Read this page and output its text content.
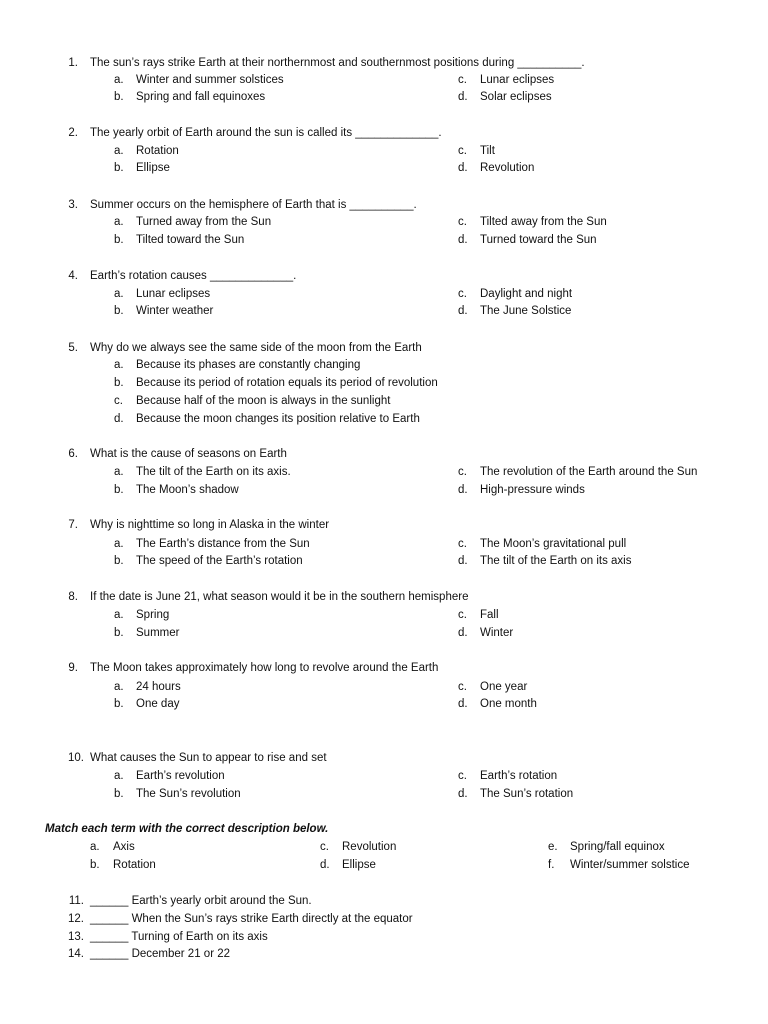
1. The sun’s rays strike Earth at their northernmost and southernmost positions during __________.
a. Winter and summer solstices	c. Lunar eclipses
b. Spring and fall equinoxes	d. Solar eclipses
2. The yearly orbit of Earth around the sun is called its _____________.
a. Rotation	c. Tilt
b. Ellipse	d. Revolution
3. Summer occurs on the hemisphere of Earth that is __________.
a. Turned away from the Sun	c. Tilted away from the Sun
b. Tilted toward the Sun	d. Turned toward the Sun
4. Earth’s rotation causes _____________.
a. Lunar eclipses	c. Daylight and night
b. Winter weather	d. The June Solstice
5. Why do we always see the same side of the moon from the Earth
a. Because its phases are constantly changing
b. Because its period of rotation equals its period of revolution
c. Because half of the moon is always in the sunlight
d. Because the moon changes its position relative to Earth
6. What is the cause of seasons on Earth
a. The tilt of the Earth on its axis.	c. The revolution of the Earth around the Sun
b. The Moon’s shadow	d. High-pressure winds
7. Why is nighttime so long in Alaska in the winter
a. The Earth’s distance from the Sun	c. The Moon’s gravitational pull
b. The speed of the Earth’s rotation	d. The tilt of the Earth on its axis
8. If the date is June 21, what season would it be in the southern hemisphere
a. Spring	c. Fall
b. Summer	d. Winter
9. The Moon takes approximately how long to revolve around the Earth
a. 24 hours	c. One year
b. One day	d. One month
10. What causes the Sun to appear to rise and set
a. Earth’s revolution	c. Earth’s rotation
b. The Sun’s revolution	d. The Sun’s rotation
Match each term with the correct description below.
a. Axis	c. Revolution	e. Spring/fall equinox
b. Rotation	d. Ellipse	f. Winter/summer solstice
11. ______ Earth’s yearly orbit around the Sun.
12. ______ When the Sun’s rays strike Earth directly at the equator
13. ______ Turning of Earth on its axis
14. ______ December 21 or 22
